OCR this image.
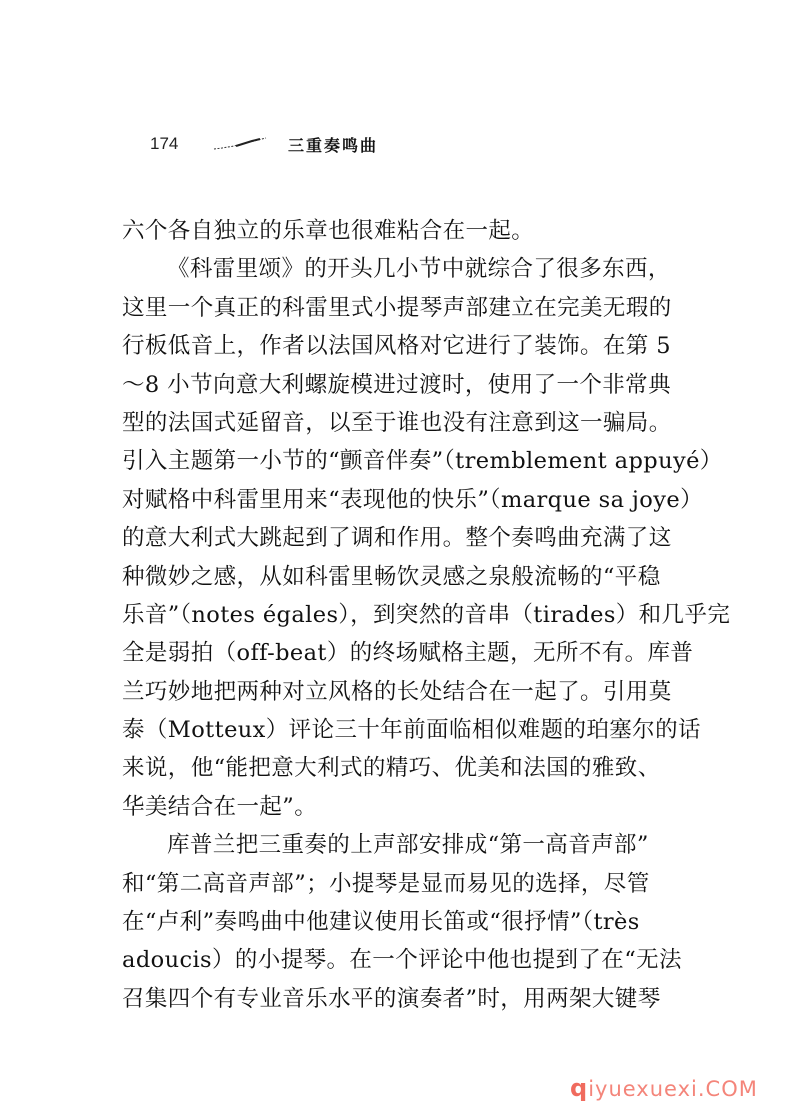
174	三重奏鸣曲
六个各自独立的乐章也很难粘合在一起。
《科雷里颂》的开头几小节中就综合了很多东西，
这里一个真正的科雷里式小提琴声部建立在完美无瑕的
行板低音上，作者以法国风格对它进行了装饰。在第 5
～8 小节向意大利螺旋模进过渡时，使用了一个非常典
型的法国式延留音，以至于谁也没有注意到这一骗局。
引入主题第一小节的“颤音伴奏”（tremblement appuyé）
对赋格中科雷里用来“表现他的快乐”（marque sa joye）
的意大利式大跳起到了调和作用。整个奏鸣曲充满了这
种微妙之感，从如科雷里畅饮灵感之泉般流畅的“平稳
乐音”（notes égales），到突然的音串（tirades）和几乎完
全是弱拍（off-beat）的终场赋格主题，无所不有。库普
兰巧妙地把两种对立风格的长处结合在一起了。引用莫
泰（Motteux）评论三十年前面临相似难题的珀塞尔的话
来说，他“能把意大利式的精巧、优美和法国的雅致、
华美结合在一起”。
库普兰把三重奏的上声部安排成“第一高音声部”
和“第二高音声部”；小提琴是显而易见的选择，尽管
在“卢利”奏鸣曲中他建议使用长笛或“很抒情”（très
adoucis）的小提琴。在一个评论中他也提到了在“无法
召集四个有专业音乐水平的演奏者”时，用两架大键琴
qiyuexuexi.COM
